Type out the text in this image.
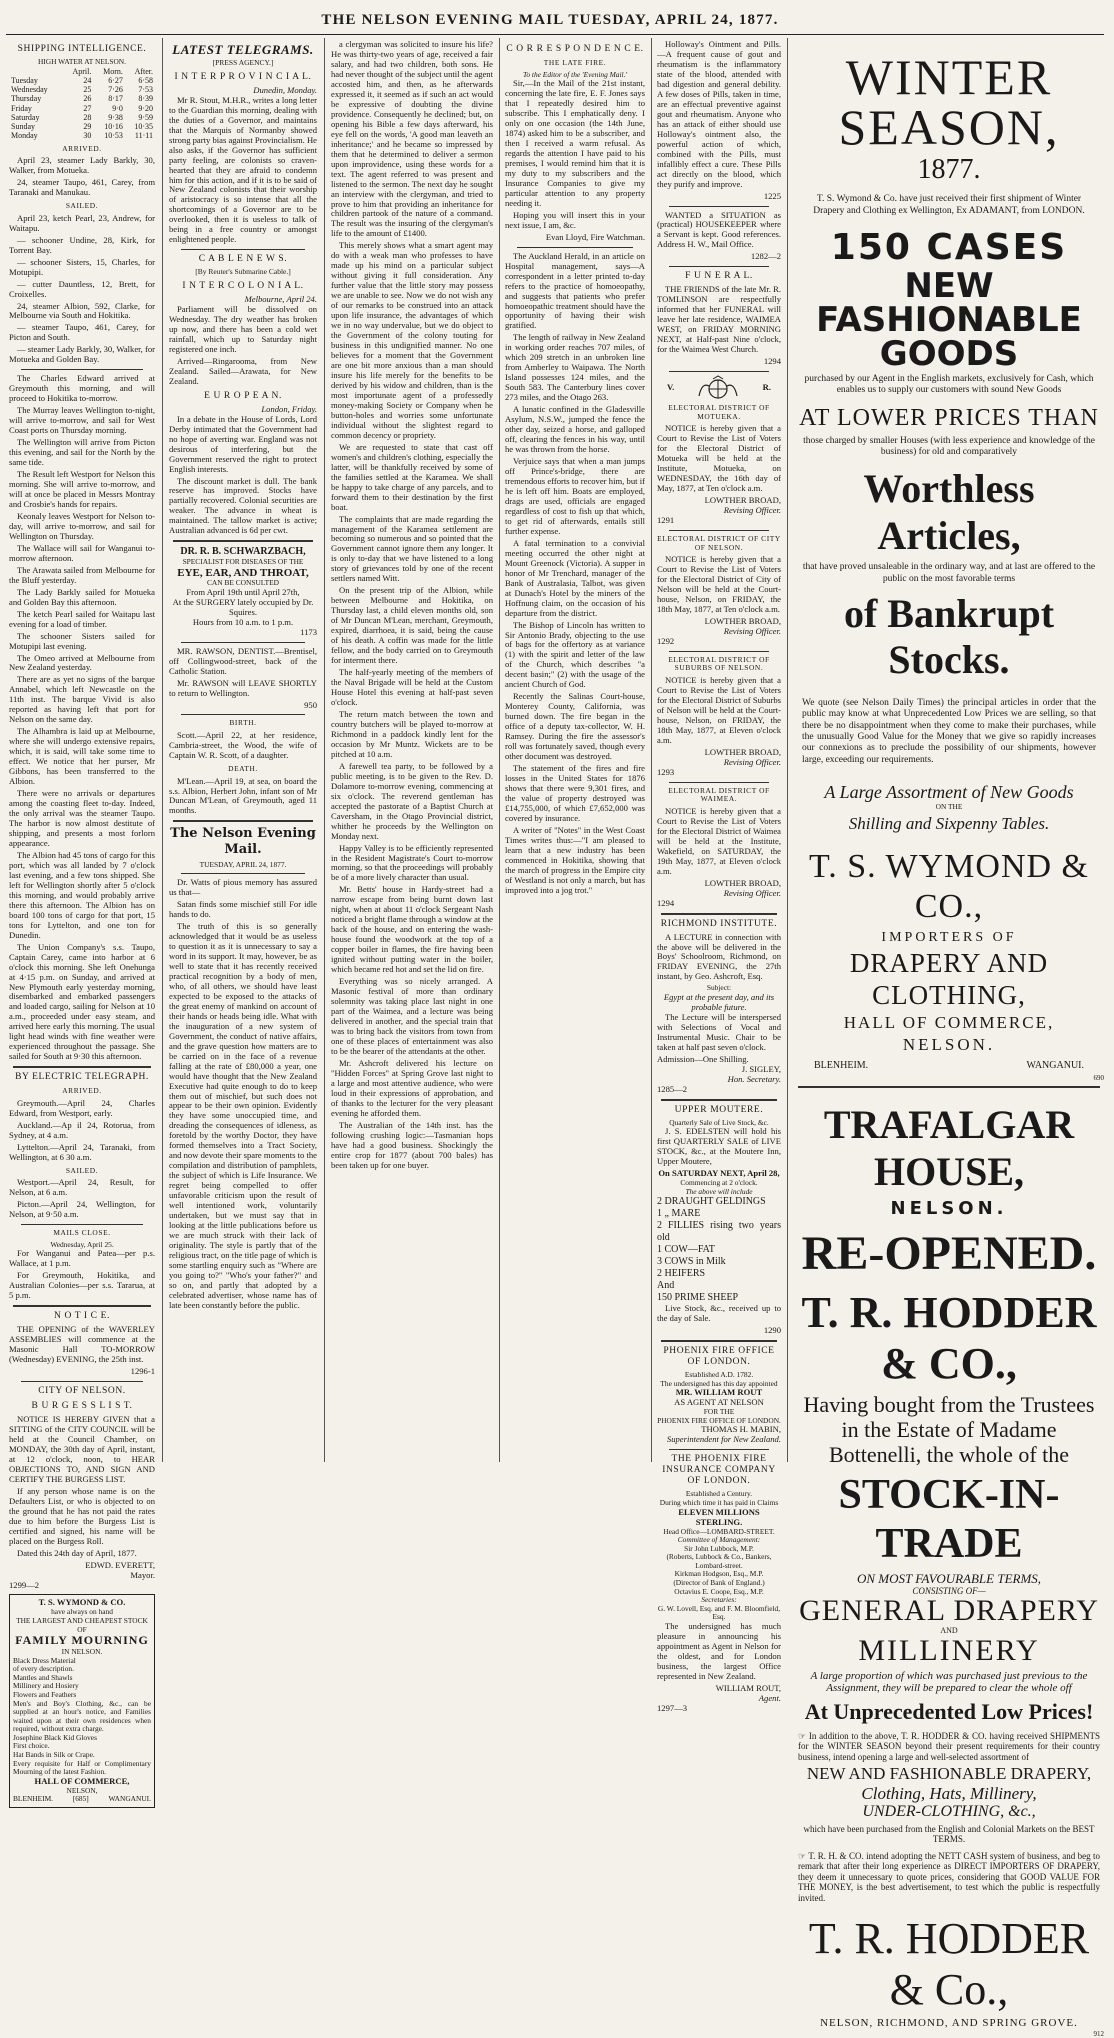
THE NELSON EVENING MAIL TUESDAY, APRIL 24, 1877.
SHIPPING INTELLIGENCE.
HIGH WATER AT NELSON.
	April.	Morn.	After.
Tuesday	24	6·27	6·58
Wednesday	25	7·26	7·53
Thursday	26	8·17	8·39
Friday	27	9·0	9·20
Saturday	28	9·38	9·59
Sunday	29	10·16	10·35
Monday	30	10·53	11·11
ARRIVED.
April 23, steamer Lady Barkly, 30, Walker, from Motueka.
24, steamer Taupo, 461, Carey, from Taranaki and Manukau.
SAILED.
April 23, ketch Pearl, 23, Andrew, for Waitapu.
— schooner Undine, 28, Kirk, for Torrent Bay.
— schooner Sisters, 15, Charles, for Motupipi.
— cutter Dauntless, 12, Brett, for Croixelles.
24, steamer Albion, 592, Clarke, for Melbourne via South and Hokitika.
— steamer Taupo, 461, Carey, for Picton and South.
— steamer Lady Barkly, 30, Walker, for Motueka and Golden Bay.
The Charles Edward arrived at Greymouth this morning, and will proceed to Hokitika to-morrow.
The Murray leaves Wellington to-night, will arrive to-morrow, and sail for West Coast ports on Thursday morning.
The Wellington will arrive from Picton this evening, and sail for the North by the same tide.
The Result left Westport for Nelson this morning. She will arrive to-morrow, and will at once be placed in Messrs Montray and Crosbie's hands for repairs.
Keonaly leaves Westport for Nelson to-day, will arrive to-morrow, and sail for Wellington on Thursday.
The Wallace will sail for Wanganui to-morrow afternoon.
The Arawata sailed from Melbourne for the Bluff yesterday.
The Lady Barkly sailed for Motueka and Golden Bay this afternoon.
The ketch Pearl sailed for Waitapu last evening for a load of timber.
The schooner Sisters sailed for Motupipi last evening.
The Omeo arrived at Melbourne from New Zealand yesterday.
There are as yet no signs of the barque Annabel, which left Newcastle on the 11th inst. The barque Vivid is also reported as having left that port for Nelson on the same day.
The Alhambra is laid up at Melbourne, where she will undergo extensive repairs, which, it is said, will take some time to effect. We notice that her purser, Mr Gibbons, has been transferred to the Albion.
There were no arrivals or departures among the coasting fleet to-day. Indeed, the only arrival was the steamer Taupo. The harbor is now almost destitute of shipping, and presents a most forlorn appearance.
The Albion had 45 tons of cargo for this port, which was all landed by 7 o'clock last evening, and a few tons shipped. She left for Wellington shortly after 5 o'clock this morning, and would probably arrive there this afternoon. The Albion has on board 100 tons of cargo for that port, 15 tons for Lyttelton, and one ton for Dunedin.
The Union Company's s.s. Taupo, Captain Carey, came into harbor at 6 o'clock this morning. She left Onehunga at 4·15 p.m. on Sunday, and arrived at New Plymouth early yesterday morning, disembarked and embarked passengers and loaded cargo, sailing for Nelson at 10 a.m., proceeded under easy steam, and arrived here early this morning. The usual light head winds with fine weather were experienced throughout the passage. She sailed for South at 9·30 this afternoon.
BY ELECTRIC TELEGRAPH.
ARRIVED.
Greymouth.—April 24, Charles Edward, from Westport, early.
Auckland.—Ap il 24, Rotorua, from Sydney, at 4 a.m.
Lyttelton.—April 24, Taranaki, from Wellington, at 6 30 a.m.
SAILED.
Westport.—April 24, Result, for Nelson, at 6 a.m.
Picton.—April 24, Wellington, for Nelson, at 9·50 a.m.
MAILS CLOSE.
Wednesday, April 25.
For Wanganui and Patea—per p.s. Wallace, at 1 p.m.
For Greymouth, Hokitika, and Australian Colonies—per s.s. Tararua, at 5 p.m.
N O T I C E.
THE OPENING of the WAVERLEY ASSEMBLIES will commence at the Masonic Hall TO-MORROW (Wednesday) EVENING, the 25th inst.
1296-1
CITY OF NELSON.
B U R G E S S L I S T.
NOTICE IS HEREBY GIVEN that a SITTING of the CITY COUNCIL will be held at the Council Chamber, on MONDAY, the 30th day of April, instant, at 12 o'clock, noon, to HEAR OBJECTIONS TO, AND SIGN AND CERTIFY THE BURGESS LIST.
If any person whose name is on the Defaulters List, or who is objected to on the ground that he has not paid the rates due to him before the Burgess List is certified and signed, his name will be placed on the Burgess Roll.
Dated this 24th day of April, 1877.
EDWD. EVERETT,
Mayor.
1299—2
T. S. WYMOND & CO.
have always on hand
THE LARGEST AND CHEAPEST STOCK OF
FAMILY MOURNING
IN NELSON.
Black Dress Material
of every description.
Mantles and Shawls
Millinery and Hosiery
Flowers and Feathers
Men's and Boy's Clothing, &c., can be supplied at an hour's notice, and Families waited upon at their own residences when required, without extra charge.
Josephine Black Kid Gloves
First choice.
Hat Bands in Silk or Crape.
Every requisite for Half or Complimentary Mourning of the latest Fashion.
HALL OF COMMERCE,
NELSON,
BLENHEIM.	[685]	WANGANUI.
LATEST TELEGRAMS.
[PRESS AGENCY.]
I N T E R P R O V I N C I A L.
Dunedin, Monday.
Mr R. Stout, M.H.R., writes a long letter to the Guardian this morning, dealing with the duties of a Governor, and maintains that the Marquis of Normanby showed strong party bias against Provincialism. He also asks, if the Governor has sufficient party feeling, are colonists so craven-hearted that they are afraid to condemn him for this action, and if it is to be said of New Zealand colonists that their worship of aristocracy is so intense that all the shortcomings of a Governor are to be overlooked, then it is useless to talk of being in a free country or amongst enlightened people.
C A B L E N E W S.
[By Reuter's Submarine Cable.]
I N T E R C O L O N I A L.
Melbourne, April 24.
Parliament will be dissolved on Wednesday. The dry weather has broken up now, and there has been a cold wet rainfall, which up to Saturday night registered one inch.
Arrived—Ringarooma, from New Zealand. Sailed—Arawata, for New Zealand.
E U R O P E A N.
London, Friday.
In a debate in the House of Lords, Lord Derby intimated that the Government had no hope of averting war. England was not desirous of interfering, but the Government reserved the right to protect English interests.
The discount market is dull. The bank reserve has improved. Stocks have partially recovered. Colonial securities are weaker. The advance in wheat is maintained. The tallow market is active; Australian advanced is 6d per cwt.
DR. R. B. SCHWARZBACH,
SPECIALIST FOR DISEASES OF THE
EYE, EAR, AND THROAT,
CAN BE CONSULTED
From April 19th until April 27th,
At the SURGERY lately occupied by Dr. Squires.
Hours from 10 a.m. to 1 p.m.
1173
MR. RAWSON, DENTIST.—Brentisel, off Collingwood-street, back of the Catholic Station.
Mr. RAWSON will LEAVE SHORTLY to return to Wellington.
950
BIRTH.
Scott.—April 22, at her residence, Cambria-street, the Wood, the wife of Captain W. R. Scott, of a daughter.
DEATH.
M'Lean.—April 19, at sea, on board the s.s. Albion, Herbert John, infant son of Mr Duncan M'Lean, of Greymouth, aged 11 months.
The Nelson Evening Mail.
TUESDAY, APRIL 24, 1877.
Dr. Watts of pious memory has assured us that—
Satan finds some mischief still For idle hands to do.
The truth of this is so generally acknowledged that it would be as useless to question it as it is unnecessary to say a word in its support. It may, however, be as well to state that it has recently received practical recognition by a body of men, who, of all others, we should have least expected to be exposed to the attacks of the great enemy of mankind on account of their hands or heads being idle. What with the inauguration of a new system of Government, the conduct of native affairs, and the grave question how matters are to be carried on in the face of a revenue falling at the rate of £80,000 a year, one would have thought that the New Zealand Executive had quite enough to do to keep them out of mischief, but such does not appear to be their own opinion. Evidently they have some unoccupied time, and dreading the consequences of idleness, as foretold by the worthy Doctor, they have formed themselves into a Tract Society, and now devote their spare moments to the compilation and distribution of pamphlets, the subject of which is Life Insurance. We regret being compelled to offer unfavorable criticism upon the result of well intentioned work, voluntarily undertaken, but we must say that in looking at the little publications before us we are much struck with their lack of originality. The style is partly that of the religious tract, on the title page of which is some startling enquiry such as "Where are you going to?" "Who's your father?" and so on, and partly that adopted by a celebrated advertiser, whose name has of late been constantly before the public.
a clergyman was solicited to insure his life? He was thirty-two years of age, received a fair salary, and had two children, both sons. He had never thought of the subject until the agent accosted him, and then, as he afterwards expressed it, it seemed as if such an act would be expressive of doubting the divine providence. Consequently he declined; but, on opening his Bible a few days afterward, his eye fell on the words, 'A good man leaveth an inheritance;' and he became so impressed by them that he determined to deliver a sermon upon improvidence, using these words for a text. The agent referred to was present and listened to the sermon. The next day he sought an interview with the clergyman, and tried to prove to him that providing an inheritance for children partook of the nature of a command. The result was the insuring of the clergyman's life to the amount of £1400.
This merely shows what a smart agent may do with a weak man who professes to have made up his mind on a particular subject without giving it full consideration. Any further value that the little story may possess we are unable to see. Now we do not wish any of our remarks to be construed into an attack upon life insurance, the advantages of which we in no way undervalue, but we do object to the Government of the colony touting for business in this undignified manner. No one believes for a moment that the Government are one bit more anxious than a man should insure his life merely for the benefits to be derived by his widow and children, than is the most importunate agent of a professedly money-making Society or Company when he button-holes and worries some unfortunate individual without the slightest regard to common decency or propriety.
We are requested to state that cast off women's and children's clothing, especially the latter, will be thankfully received by some of the families settled at the Karamea. We shall be happy to take charge of any parcels, and to forward them to their destination by the first boat.
The complaints that are made regarding the management of the Karamea settlement are becoming so numerous and so pointed that the Government cannot ignore them any longer. It is only to-day that we have listened to a long story of grievances told by one of the recent settlers named Witt.
On the present trip of the Albion, while between Melbourne and Hokitika, on Thursday last, a child eleven months old, son of Mr Duncan M'Lean, merchant, Greymouth, expired, diarrhoea, it is said, being the cause of his death. A coffin was made for the little fellow, and the body carried on to Greymouth for interment there.
The half-yearly meeting of the members of the Naval Brigade will be held at the Custom House Hotel this evening at half-past seven o'clock.
The return match between the town and country butchers will be played to-morrow at Richmond in a paddock kindly lent for the occasion by Mr Muntz. Wickets are to be pitched at 10 a.m.
A farewell tea party, to be followed by a public meeting, is to be given to the Rev. D. Dolamore to-morrow evening, commencing at six o'clock. The reverend gentleman has accepted the pastorate of a Baptist Church at Caversham, in the Otago Provincial district, whither he proceeds by the Wellington on Monday next.
Happy Valley is to be efficiently represented in the Resident Magistrate's Court to-morrow morning, so that the proceedings will probably be of a more lively character than usual.
Mr. Betts' house in Hardy-street had a narrow escape from being burnt down last night, when at about 11 o'clock Sergeant Nash noticed a bright flame through a window at the back of the house, and on entering the wash-house found the woodwork at the top of a copper boiler in flames, the fire having been ignited without putting water in the boiler, which became red hot and set the lid on fire.
Everything was so nicely arranged. A Masonic festival of more than ordinary solemnity was taking place last night in one part of the Waimea, and a lecture was being delivered in another, and the special train that was to bring back the visitors from town from one of these places of entertainment was also to be the bearer of the attendants at the other.
Mr. Ashcroft delivered his lecture on "Hidden Forces" at Spring Grove last night to a large and most attentive audience, who were loud in their expressions of approbation, and of thanks to the lecturer for the very pleasant evening he afforded them.
The Australian of the 14th inst. has the following crushing logic:—Tasmanian hops have had a good business. Shockingly the entire crop for 1877 (about 700 bales) has been taken up for one buyer.
C O R R E S P O N D E N C E.
THE LATE FIRE.
To the Editor of the 'Evening Mail.'
Sir,—In the Mail of the 21st instant, concerning the late fire, E. F. Jones says that I repeatedly desired him to subscribe. This I emphatically deny. I only on one occasion (the 14th June, 1874) asked him to be a subscriber, and then I received a warm refusal. As regards the attention I have paid to his premises, I would remind him that it is my duty to my subscribers and the Insurance Companies to give my particular attention to any property needing it.
Hoping you will insert this in your next issue, I am, &c.
Evan Lloyd, Fire Watchman.
The Auckland Herald, in an article on Hospital management, says—A correspondent in a letter printed to-day refers to the practice of homoeopathy, and suggests that patients who prefer homoeopathic treatment should have the opportunity of having their wish gratified.
The length of railway in New Zealand in working order reaches 707 miles, of which 209 stretch in an unbroken line from Amberley to Waipawa. The North Island possesses 124 miles, and the South 583. The Canterbury lines cover 273 miles, and the Otago 263.
A lunatic confined in the Gladesville Asylum, N.S.W., jumped the fence the other day, seized a horse, and galloped off, clearing the fences in his way, until he was thrown from the horse.
Verjuice says that when a man jumps off Prince's-bridge, there are tremendous efforts to recover him, but if he is left off him. Boats are employed, drags are used, officials are engaged regardless of cost to fish up that which, to get rid of afterwards, entails still further expense.
A fatal termination to a convivial meeting occurred the other night at Mount Greenock (Victoria). A supper in honor of Mr Trenchard, manager of the Bank of Australasia, Talbot, was given at Dunach's Hotel by the miners of the Hoffnung claim, on the occasion of his departure from the district.
The Bishop of Lincoln has written to Sir Antonio Brady, objecting to the use of bags for the offertory as at variance (1) with the spirit and letter of the law of the Church, which describes "a decent basin;" (2) with the usage of the ancient Church of God.
Recently the Salinas Court-house, Monterey County, California, was burned down. The fire began in the office of a deputy tax-collector, W. H. Ramsey. During the fire the assessor's roll was fortunately saved, though every other document was destroyed.
The statement of the fires and fire losses in the United States for 1876 shows that there were 9,301 fires, and the value of property destroyed was £14,755,000, of which £7,652,000 was covered by insurance.
A writer of "Notes" in the West Coast Times writes thus:—"I am pleased to learn that a new industry has been commenced in Hokitika, showing that the march of progress in the Empire city of Westland is not only a march, but has improved into a jog trot."
Holloway's Ointment and Pills.—A frequent cause of gout and rheumatism is the inflammatory state of the blood, attended with bad digestion and general debility. A few doses of Pills, taken in time, are an effectual preventive against gout and rheumatism. Anyone who has an attack of either should use Holloway's ointment also, the powerful action of which, combined with the Pills, must infallibly effect a cure. These Pills act directly on the blood, which they purify and improve.
1225
WANTED a SITUATION as (practical) HOUSEKEEPER where a Servant is kept. Good references. Address H. W., Mail Office.
1282—2
F U N E R A L.
THE FRIENDS of the late Mr. R. TOMLINSON are respectfully informed that her FUNERAL will leave her late residence, WAIMEA WEST, on FRIDAY MORNING NEXT, at Half-past Nine o'clock, for the Waimea West Church.
1294
V.	R.
ELECTORAL DISTRICT OF MOTUEKA.
NOTICE is hereby given that a Court to Revise the List of Voters for the Electoral District of Motueka will be held at the Institute, Motueka, on WEDNESDAY, the 16th day of May, 1877, at Ten o'clock a.m.
LOWTHER BROAD,
Revising Officer.
1291
ELECTORAL DISTRICT OF CITY OF NELSON.
NOTICE is hereby given that a Court to Revise the List of Voters for the Electoral District of City of Nelson will be held at the Court-house, Nelson, on FRIDAY, the 18th May, 1877, at Ten o'clock a.m.
LOWTHER BROAD,
Revising Officer.
1292
ELECTORAL DISTRICT OF SUBURBS OF NELSON.
NOTICE is hereby given that a Court to Revise the List of Voters for the Electoral District of Suburbs of Nelson will be held at the Court-house, Nelson, on FRIDAY, the 18th May, 1877, at Eleven o'clock a.m.
LOWTHER BROAD,
Revising Officer.
1293
ELECTORAL DISTRICT OF WAIMEA.
NOTICE is hereby given that a Court to Revise the List of Voters for the Electoral District of Waimea will be held at the Institute, Wakefield, on SATURDAY, the 19th May, 1877, at Eleven o'clock a.m.
LOWTHER BROAD,
Revising Officer.
1294
RICHMOND INSTITUTE.
A LECTURE in connection with the above will be delivered in the Boys' Schoolroom, Richmond, on FRIDAY EVENING, the 27th instant, by Geo. Ashcroft, Esq.
Subject:
Egypt at the present day, and its probable future.
The Lecture will be interspersed with Selections of Vocal and Instrumental Music. Chair to be taken at half past seven o'clock.
Admission—One Shilling.
J. SIGLEY,
Hon. Secretary.
1285—2
UPPER MOUTERE.
Quarterly Sale of Live Stock, &c.
J. S. EDELSTEN will hold his first QUARTERLY SALE of LIVE STOCK, &c., at the Moutere Inn, Upper Moutere,
On SATURDAY NEXT, April 28,
Commencing at 2 o'clock.
The above will include
2 DRAUGHT GELDINGS
1 „ MARE
2 FILLIES rising two years old
1 COW—FAT
3 COWS in Milk
2 HEIFERS
And
150 PRIME SHEEP
Live Stock, &c., received up to the day of Sale.
1290
PHOENIX FIRE OFFICE OF LONDON.
Established A.D. 1782.
The undersigned has this day appointed
MR. WILLIAM ROUT
AS AGENT AT NELSON
FOR THE
PHOENIX FIRE OFFICE OF LONDON.
THOMAS H. MABIN,
Superintendent for New Zealand.
THE PHOENIX FIRE INSURANCE COMPANY OF LONDON.
Established a Century.
During which time it has paid in Claims
ELEVEN MILLIONS STERLING.
Head Office—LOMBARD-STREET.
Committee of Management:
Sir John Lubbock, M.P.
(Roberts, Lubbock & Co., Bankers, Lombard-street.
Kirkman Hodgson, Esq., M.P.
(Director of Bank of England.)
Octavius E. Coope, Esq., M.P.
Secretaries:
G. W. Lovell, Esq. and F. M. Bloomfield, Esq.
The undersigned has much pleasure in announcing his appointment as Agent in Nelson for the oldest, and for London business, the largest Office represented in New Zealand.
WILLIAM ROUT,
Agent.
1297—3
WINTER SEASON,
1877.
T. S. Wymond & Co. have just received their first shipment of Winter Drapery and Clothing ex Wellington, Ex ADAMANT, from LONDON.
150 CASES
NEW FASHIONABLE GOODS
purchased by our Agent in the English markets, exclusively for Cash, which enables us to supply our customers with sound New Goods
AT LOWER PRICES THAN
those charged by smaller Houses (with less experience and knowledge of the business) for old and comparatively
Worthless Articles,
that have proved unsaleable in the ordinary way, and at last are offered to the public on the most favorable terms
of Bankrupt Stocks.
We quote (see Nelson Daily Times) the principal articles in order that the public may know at what Unprecedented Low Prices we are selling, so that there be no disappointment when they come to make their purchases, while the unusually Good Value for the Money that we give so rapidly increases our connexions as to preclude the possibility of our shipments, however large, exceeding our requirements.
A Large Assortment of New Goods
ON THE
Shilling and Sixpenny Tables.
T. S. WYMOND & CO.,
IMPORTERS OF
DRAPERY AND CLOTHING,
HALL OF COMMERCE,
NELSON.
BLENHEIM.	WANGANUI.
690
TRAFALGAR HOUSE,
NELSON.
RE-OPENED.
T. R. HODDER & CO.,
Having bought from the Trustees in the Estate of Madame Bottenelli, the whole of the
STOCK-IN-TRADE
ON MOST FAVOURABLE TERMS,
CONSISTING OF—
GENERAL DRAPERY
AND
MILLINERY
A large proportion of which was purchased just previous to the Assignment, they will be prepared to clear the whole off
At Unprecedented Low Prices!
☞ In addition to the above, T. R. HODDER & CO. having received SHIPMENTS for the WINTER SEASON beyond their present requirements for their country business, intend opening a large and well-selected assortment of
NEW AND FASHIONABLE DRAPERY,
Clothing, Hats, Millinery,
UNDER-CLOTHING, &c.,
which have been purchased from the English and Colonial Markets on the BEST TERMS.
☞ T. R. H. & CO. intend adopting the NETT CASH system of business, and beg to remark that after their long experience as DIRECT IMPORTERS OF DRAPERY, they deem it unnecessary to quote prices, considering that GOOD VALUE FOR THE MONEY, is the best advertisement, to test which the public is respectfully invited.
T. R. HODDER & Co.,
NELSON, RICHMOND, AND SPRING GROVE.
912
